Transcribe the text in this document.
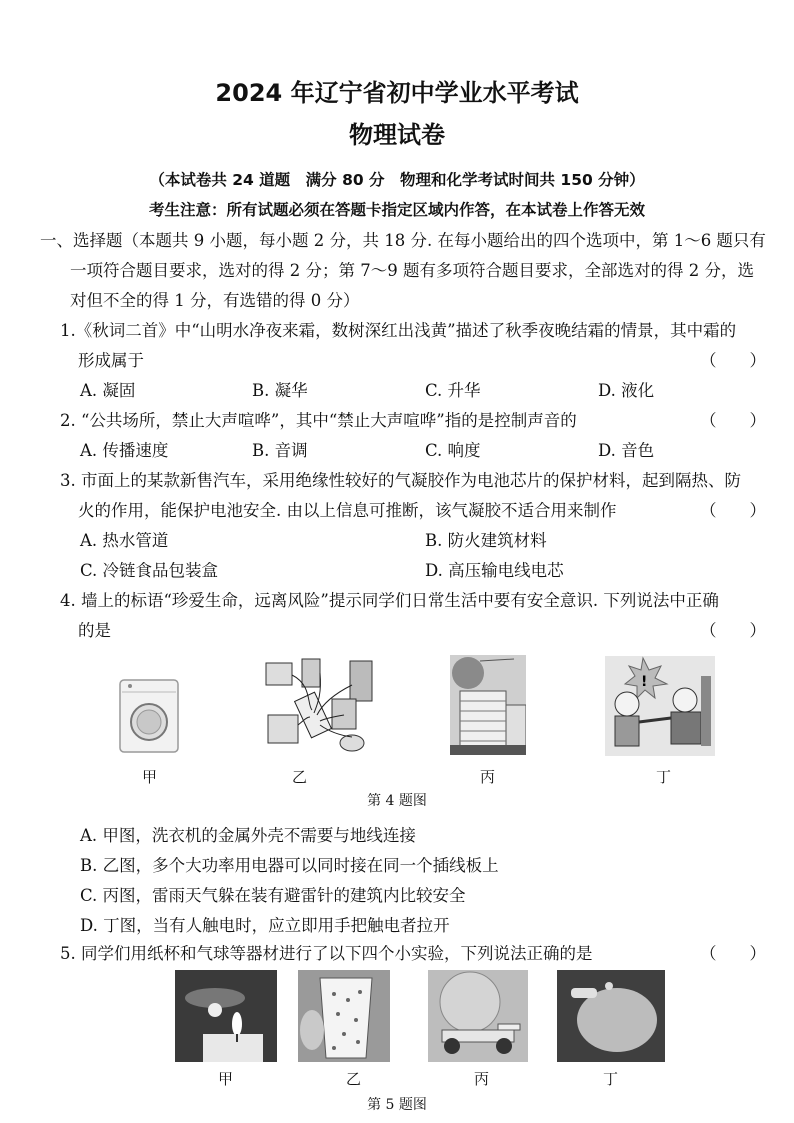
2024 年辽宁省初中学业水平考试
物理试卷
（本试卷共 24 道题　满分 80 分　物理和化学考试时间共 150 分钟）
考生注意：所有试题必须在答题卡指定区域内作答，在本试卷上作答无效
一、选择题（本题共 9 小题，每小题 2 分，共 18 分. 在每小题给出的四个选项中，第 1～6 题只有
一项符合题目要求，选对的得 2 分；第 7～9 题有多项符合题目要求，全部选对的得 2 分，选
对但不全的得 1 分，有选错的得 0 分）
1.《秋词二首》中“山明水净夜来霜，数树深红出浅黄”描述了秋季夜晚结霜的情景，其中霜的
形成属于	（　　）
A. 凝固	B. 凝华	C. 升华	D. 液化
2. “公共场所，禁止大声喧哗”，其中“禁止大声喧哗”指的是控制声音的	（　　）
A. 传播速度	B. 音调	C. 响度	D. 音色
3. 市面上的某款新售汽车，采用绝缘性较好的气凝胶作为电池芯片的保护材料，起到隔热、防
火的作用，能保护电池安全. 由以上信息可推断，该气凝胶不适合用来制作	（　　）
A. 热水管道	B. 防火建筑材料
C. 冷链食品包装盒	D. 高压输电线电芯
4. 墙上的标语“珍爱生命，远离风险”提示同学们日常生活中要有安全意识. 下列说法中正确
的是	（　　）
!
甲	乙	丙	丁
第 4 题图
A. 甲图，洗衣机的金属外壳不需要与地线连接
B. 乙图，多个大功率用电器可以同时接在同一个插线板上
C. 丙图，雷雨天气躲在装有避雷针的建筑内比较安全
D. 丁图，当有人触电时，应立即用手把触电者拉开
5. 同学们用纸杯和气球等器材进行了以下四个小实验，下列说法正确的是	（　　）
甲	乙	丙	丁
第 5 题图
